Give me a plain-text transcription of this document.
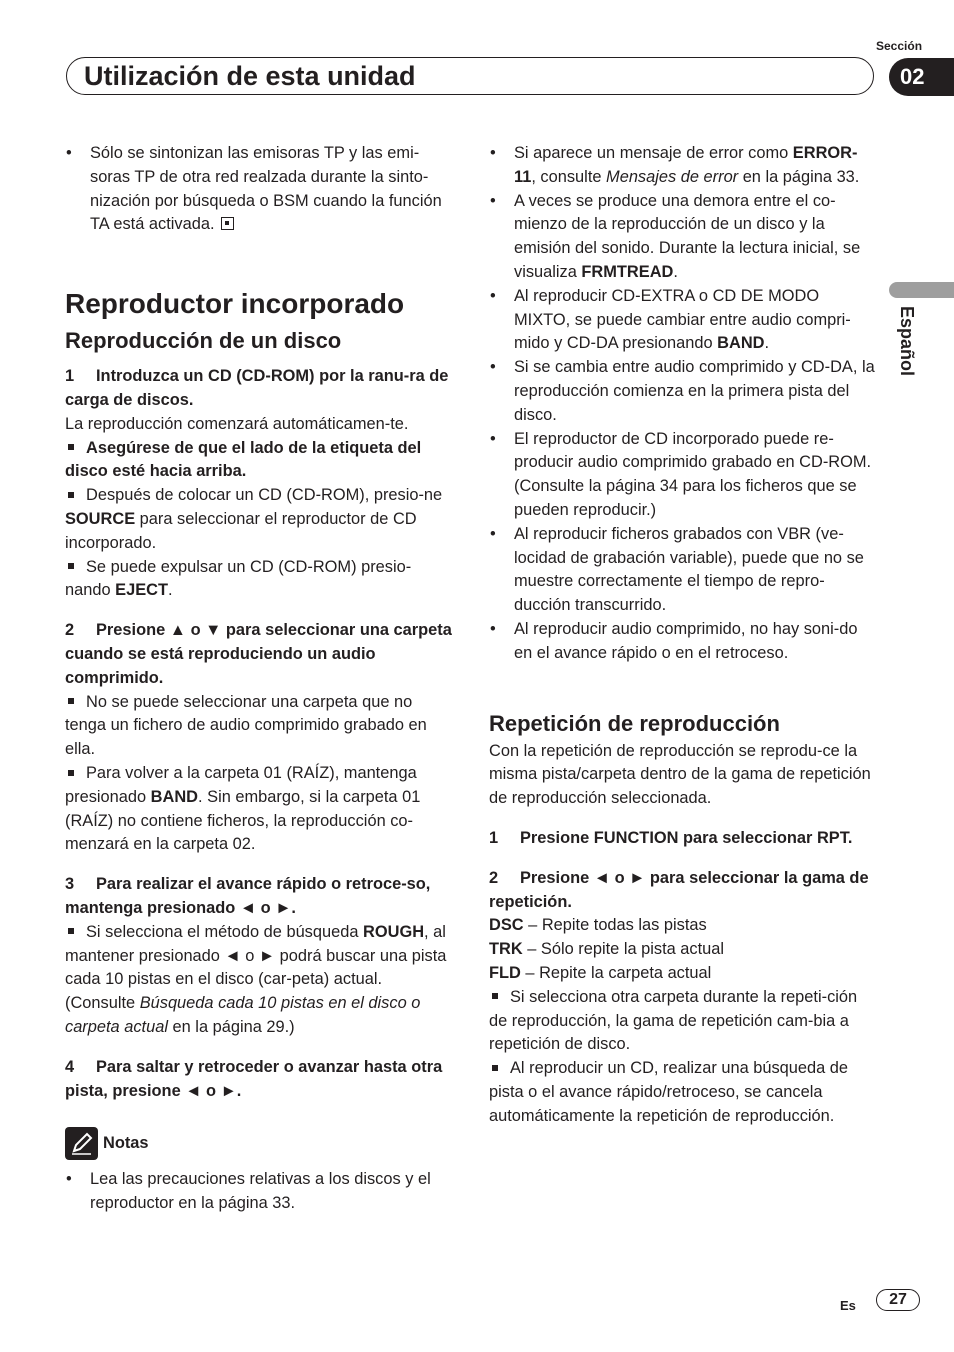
Utilización de esta unidad
Sección
02
Español

• Sólo se sintonizan las emisoras TP y las emi-soras TP de otra red realzada durante la sinto-nización por búsqueda o BSM cuando la función TA está activada.

Reproductor incorporado

Reproducción de un disco

1 Introduzca un CD (CD-ROM) por la ranu-ra de carga de discos.

La reproducción comenzará automáticamen-te.

Asegúrese de que el lado de la etiqueta del disco esté hacia arriba.

Después de colocar un CD (CD-ROM), presio-ne SOURCE para seleccionar el reproductor de CD incorporado.

Se puede expulsar un CD (CD-ROM) presio-nando EJECT.

2 Presione ▲ o ▼ para seleccionar una carpeta cuando se está reproduciendo un audio comprimido.

No se puede seleccionar una carpeta que no tenga un fichero de audio comprimido grabado en ella.

Para volver a la carpeta 01 (RAÍZ), mantenga presionado BAND. Sin embargo, si la carpeta 01 (RAÍZ) no contiene ficheros, la reproducción co-menzará en la carpeta 02.

3 Para realizar el avance rápido o retroce-so, mantenga presionado ◄ o ►.

Si selecciona el método de búsqueda ROUGH, al mantener presionado ◄ o ► podrá buscar una pista cada 10 pistas en el disco (car-peta) actual. (Consulte Búsqueda cada 10 pistas en el disco o carpeta actual en la página 29.)

4 Para saltar y retroceder o avanzar hasta otra pista, presione ◄ o ►.

Notas

• Lea las precauciones relativas a los discos y el reproductor en la página 33.

• Si aparece un mensaje de error como ERROR-11, consulte Mensajes de error en la página 33.

• A veces se produce una demora entre el co-mienzo de la reproducción de un disco y la emisión del sonido. Durante la lectura inicial, se visualiza FRMTREAD.

• Al reproducir CD-EXTRA o CD DE MODO MIXTO, se puede cambiar entre audio compri-mido y CD-DA presionando BAND.

• Si se cambia entre audio comprimido y CD-DA, la reproducción comienza en la primera pista del disco.

• El reproductor de CD incorporado puede re-producir audio comprimido grabado en CD-ROM. (Consulte la página 34 para los ficheros que se pueden reproducir.)

• Al reproducir ficheros grabados con VBR (ve-locidad de grabación variable), puede que no se muestre correctamente el tiempo de repro-ducción transcurrido.

• Al reproducir audio comprimido, no hay soni-do en el avance rápido o en el retroceso.

Repetición de reproducción

Con la repetición de reproducción se reprodu-ce la misma pista/carpeta dentro de la gama de repetición de reproducción seleccionada.

1 Presione FUNCTION para seleccionar RPT.

2 Presione ◄ o ► para seleccionar la gama de repetición.

DSC – Repite todas las pistas

TRK – Sólo repite la pista actual

FLD – Repite la carpeta actual

Si selecciona otra carpeta durante la repeti-ción de reproducción, la gama de repetición cam-bia a repetición de disco.

Al reproducir un CD, realizar una búsqueda de pista o el avance rápido/retroceso, se cancela automáticamente la repetición de reproducción.

Es	27
